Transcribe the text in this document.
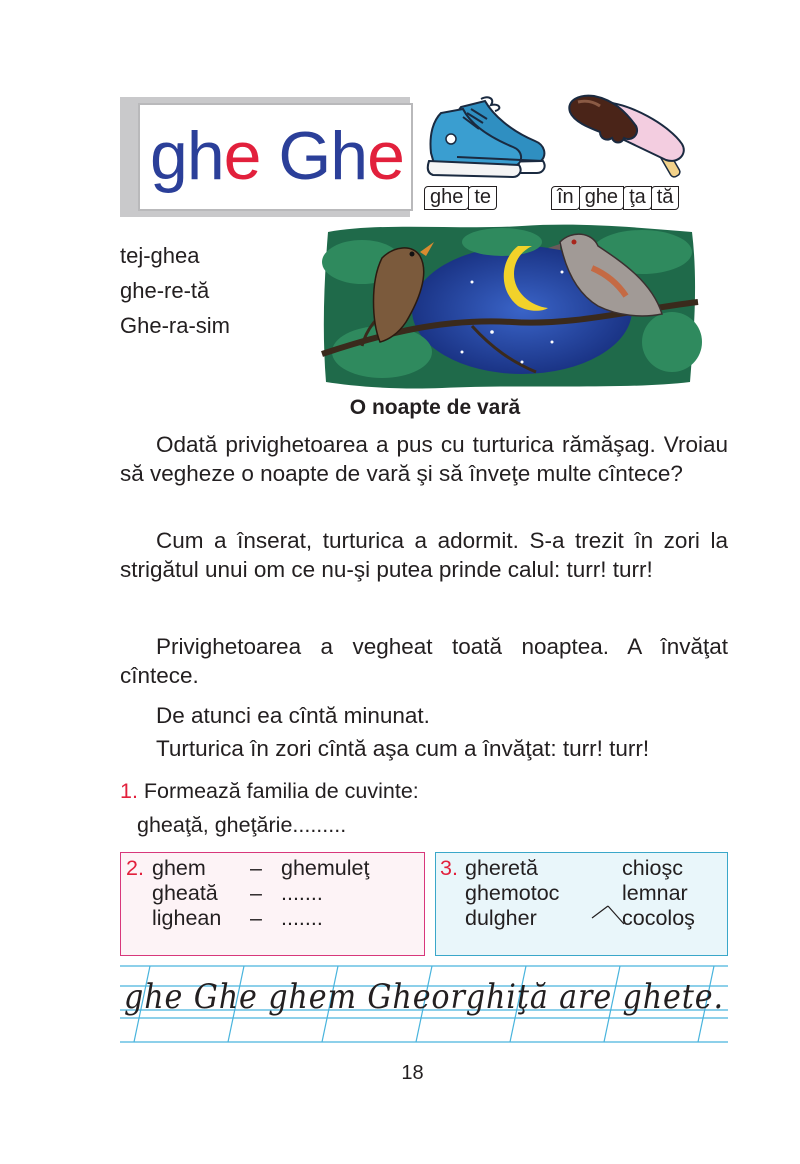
ghe Ghe
ghe te	în ghe ţa tă
tej-ghea
ghe-re-tă
Ghe-ra-sim
O noapte de vară
Odată privighetoarea a pus cu turturica rămăşag. Vroiau să vegheze o noapte de vară şi să înveţe multe cîntece?
Cum a înserat, turturica a adormit. S-a trezit în zori la strigătul unui om ce nu-şi putea prinde calul: turr! turr!
Privighetoarea a vegheat toată noaptea. A învăţat cîntece.
De atunci ea cîntă minunat.
Turturica în zori cîntă aşa cum a învăţat: turr! turr!
1. Formează familia de cuvinte:
gheaţă, gheţărie.........
2. ghem – ghemuleţ
gheată – .......
lighean – .......
3. gheretă
ghemotoc
dulgher
chioşc
lemnar
cocoloş
ghe Ghe ghem Gheorghiţă are ghete.
18
